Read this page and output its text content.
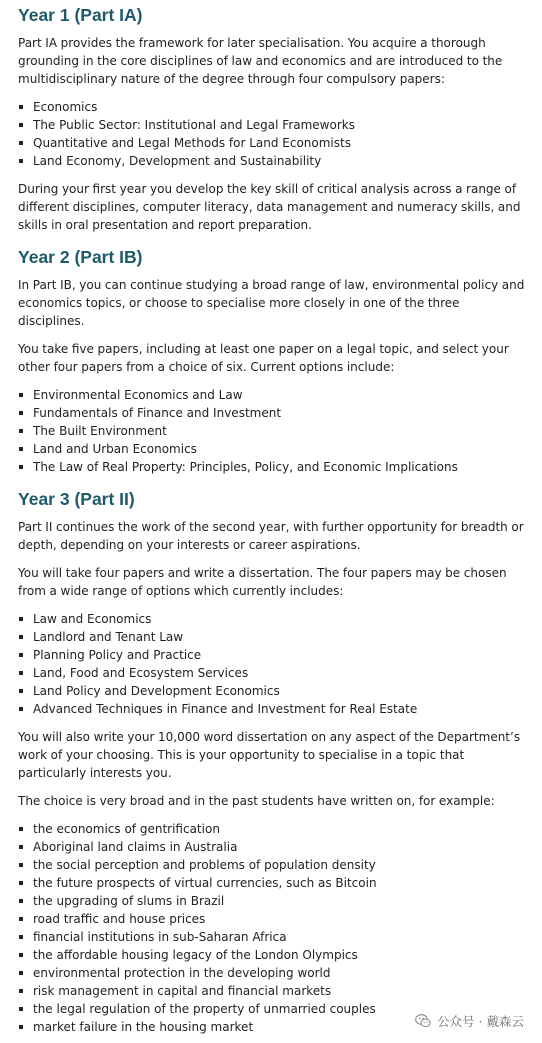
Year 1 (Part IA)

Part IA provides the framework for later specialisation. You acquire a thorough grounding in the core disciplines of law and economics and are introduced to the multidisciplinary nature of the degree through four compulsory papers:

Economics
The Public Sector: Institutional and Legal Frameworks
Quantitative and Legal Methods for Land Economists
Land Economy, Development and Sustainability

During your first year you develop the key skill of critical analysis across a range of different disciplines, computer literacy, data management and numeracy skills, and skills in oral presentation and report preparation.

Year 2 (Part IB)

In Part IB, you can continue studying a broad range of law, environmental policy and economics topics, or choose to specialise more closely in one of the three disciplines.

You take five papers, including at least one paper on a legal topic, and select your other four papers from a choice of six. Current options include:

Environmental Economics and Law
Fundamentals of Finance and Investment
The Built Environment
Land and Urban Economics
The Law of Real Property: Principles, Policy, and Economic Implications
Year 3 (Part II)

Part II continues the work of the second year, with further opportunity for breadth or depth, depending on your interests or career aspirations.

You will take four papers and write a dissertation. The four papers may be chosen from a wide range of options which currently includes:

Law and Economics
Landlord and Tenant Law
Planning Policy and Practice
Land, Food and Ecosystem Services
Land Policy and Development Economics
Advanced Techniques in Finance and Investment for Real Estate

You will also write your 10,000 word dissertation on any aspect of the Department’s work of your choosing. This is your opportunity to specialise in a topic that particularly interests you.

The choice is very broad and in the past students have written on, for example:

the economics of gentrification
Aboriginal land claims in Australia
the social perception and problems of population density
the future prospects of virtual currencies, such as Bitcoin
the upgrading of slums in Brazil
road traffic and house prices
financial institutions in sub-Saharan Africa
the affordable housing legacy of the London Olympics
environmental protection in the developing world
risk management in capital and financial markets
the legal regulation of the property of unmarried couples
market failure in the housing market	公众号 · 戴森云
